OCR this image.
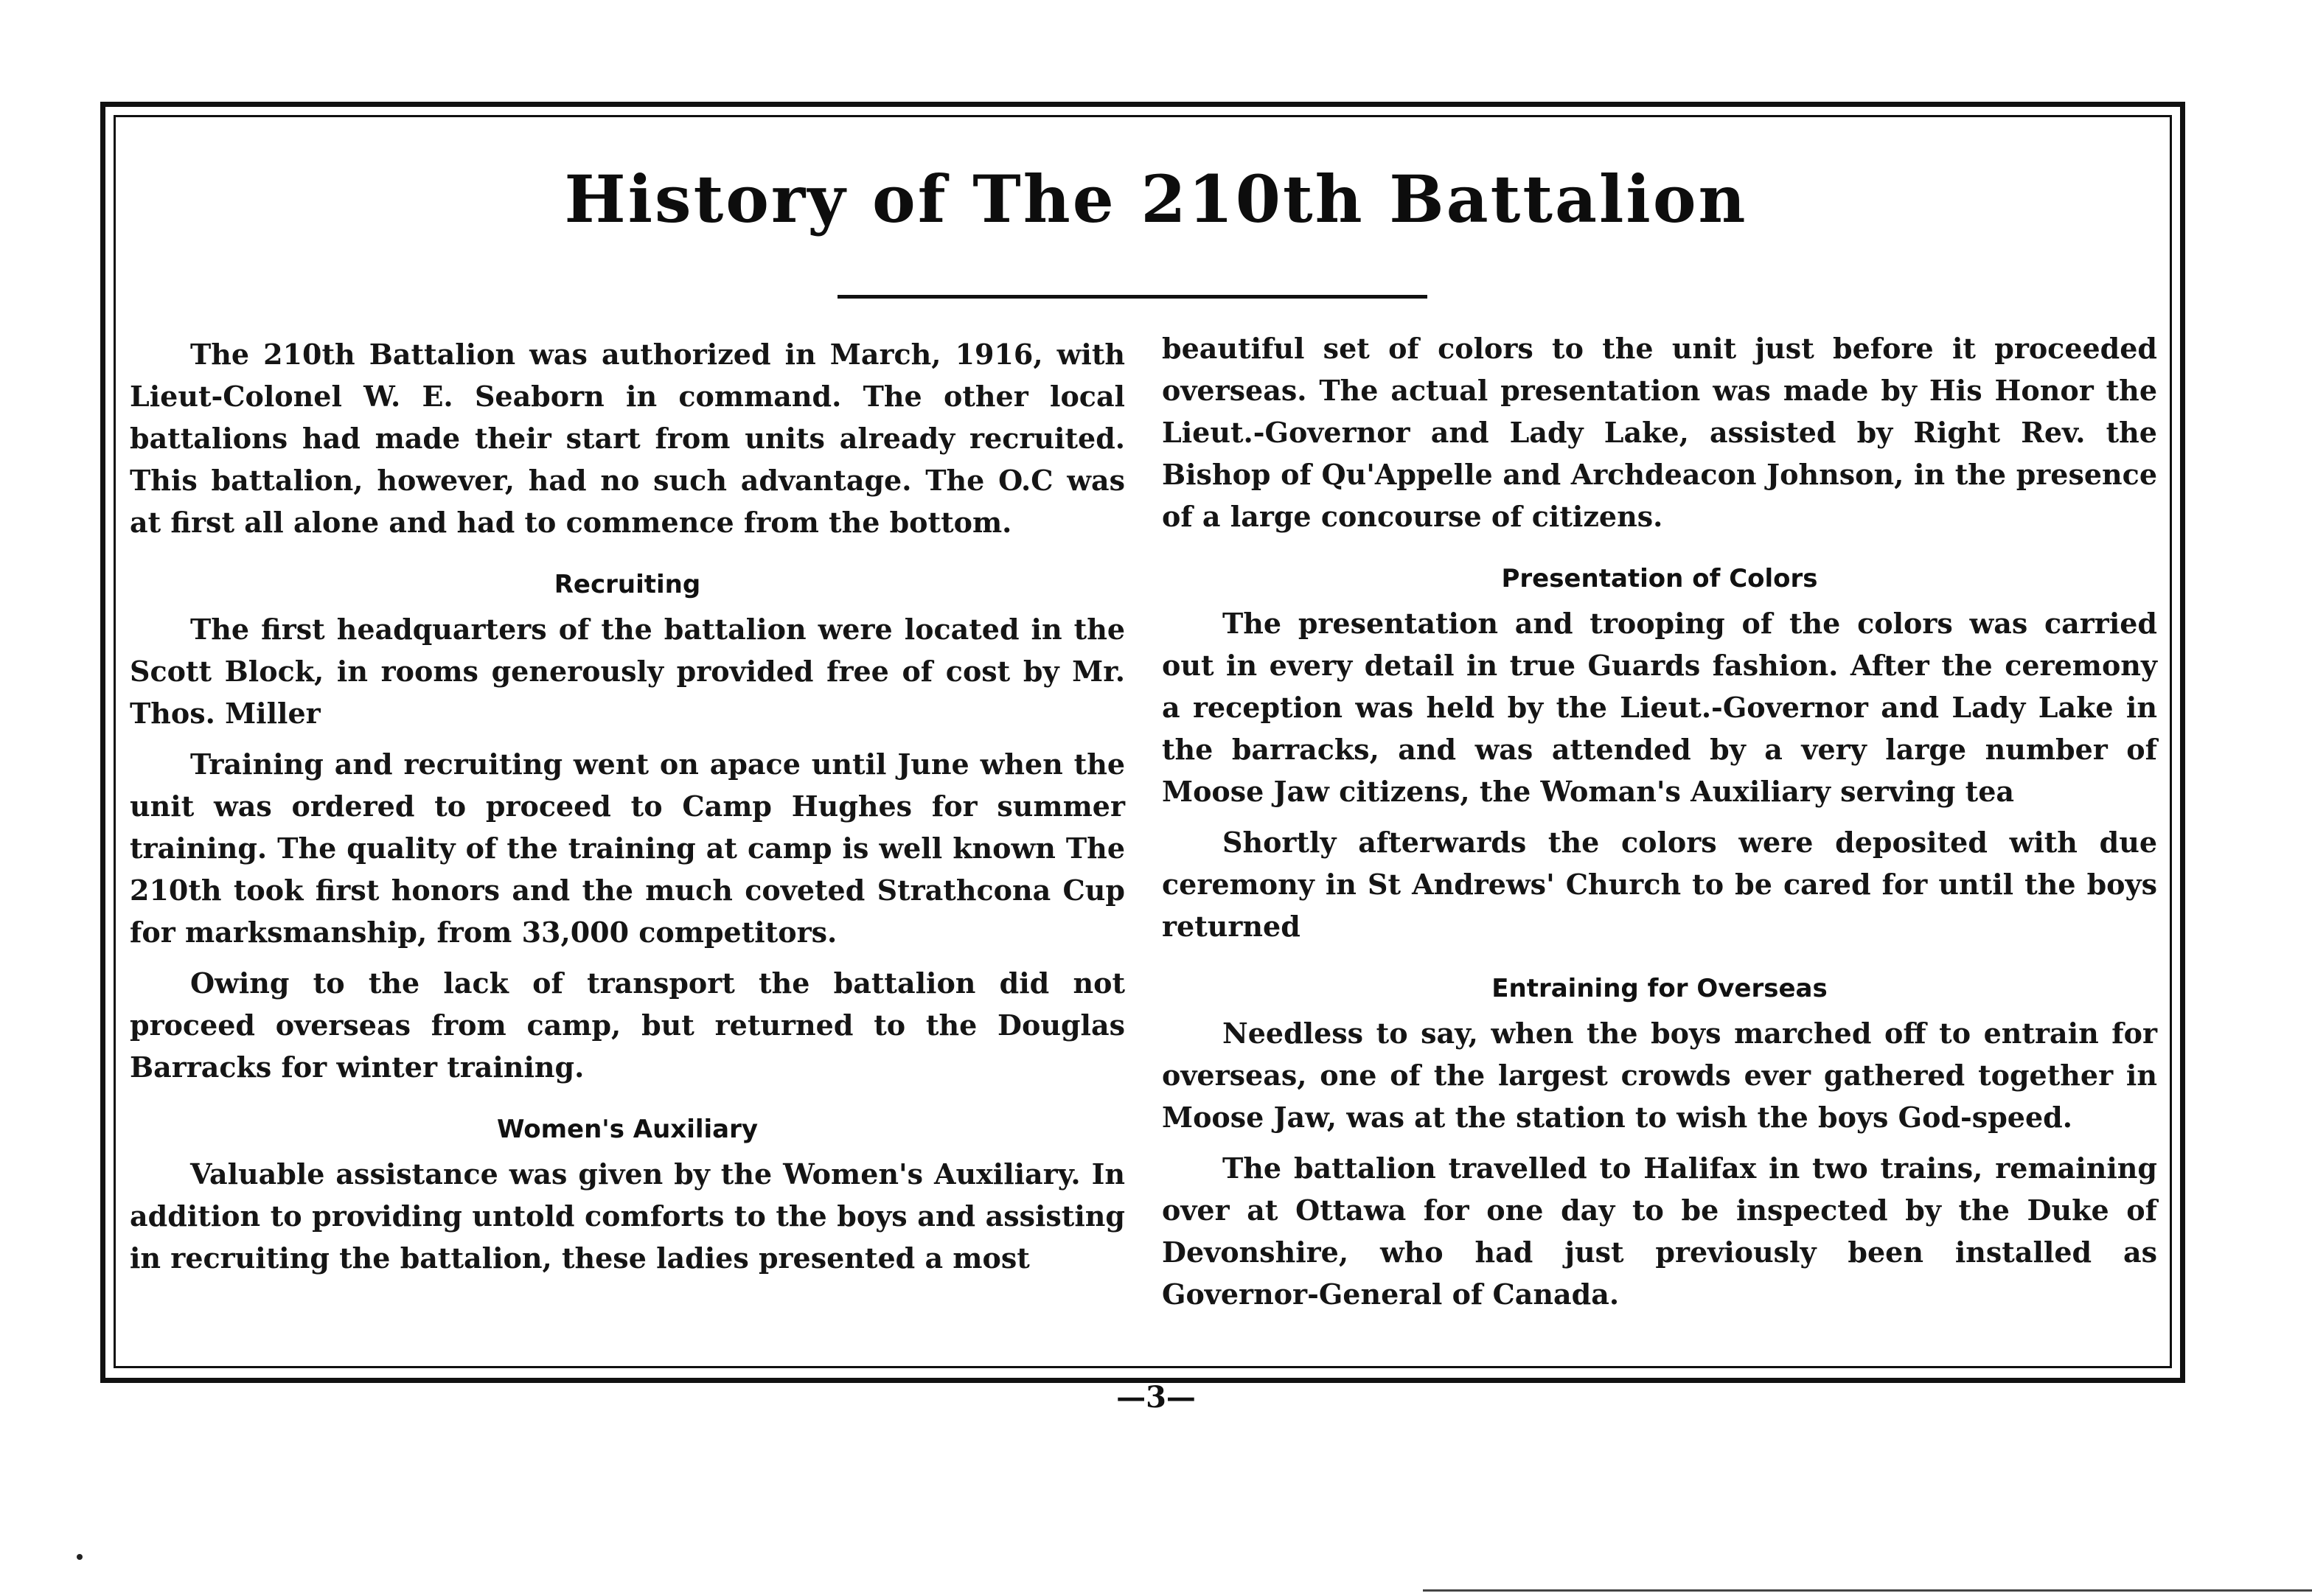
History of The 210th Battalion

The 210th Battalion was authorized in March, 1916, with Lieut-Colonel W. E. Seaborn in command. The other local battalions had made their start from units already recruited. This battalion, however, had no such advantage. The O.C was at first all alone and had to commence from the bottom.

Recruiting

The first headquarters of the battalion were located in the Scott Block, in rooms generously provided free of cost by Mr. Thos. Miller

Training and recruiting went on apace until June when the unit was ordered to proceed to Camp Hughes for summer training. The quality of the training at camp is well known The 210th took first honors and the much coveted Strathcona Cup for marksmanship, from 33,000 competitors.

Owing to the lack of transport the battalion did not proceed overseas from camp, but returned to the Douglas Barracks for winter training.

Women's Auxiliary

Valuable assistance was given by the Women's Auxiliary. In addition to providing untold comforts to the boys and assisting in recruiting the battalion, these ladies presented a most

beautiful set of colors to the unit just before it proceeded overseas. The actual presentation was made by His Honor the Lieut.-Governor and Lady Lake, assisted by Right Rev. the Bishop of Qu'Appelle and Archdeacon Johnson, in the presence of a large concourse of citizens.

Presentation of Colors

The presentation and trooping of the colors was carried out in every detail in true Guards fashion. After the ceremony a reception was held by the Lieut.-Governor and Lady Lake in the barracks, and was attended by a very large number of Moose Jaw citizens, the Woman's Auxiliary serving tea

Shortly afterwards the colors were deposited with due ceremony in St Andrews' Church to be cared for until the boys returned

Entraining for Overseas

Needless to say, when the boys marched off to entrain for overseas, one of the largest crowds ever gathered together in Moose Jaw, was at the station to wish the boys God-speed.

The battalion travelled to Halifax in two trains, remaining over at Ottawa for one day to be inspected by the Duke of Devonshire, who had just previously been installed as Governor-General of Canada.

—3—
